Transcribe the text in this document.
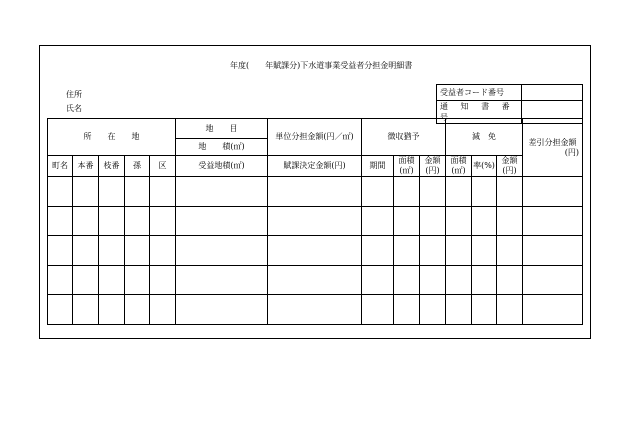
年度(　　年賦課分)下水道事業受益者分担金明細書
住所
氏名
受益者コード番号	
通 知 書 番 号	
所　　在　　地					地　　目	単位分担金額(円／㎡)	徴収猶予			減　免			差引分担金額
(円)

					地　　積(㎡)								
町名	本番	枝番	孫	区	受益地積(㎡)	賦課決定金額(円)	期間	面積(㎡)	金額(円)	面積(㎡)	率(%)	金額(円)	
